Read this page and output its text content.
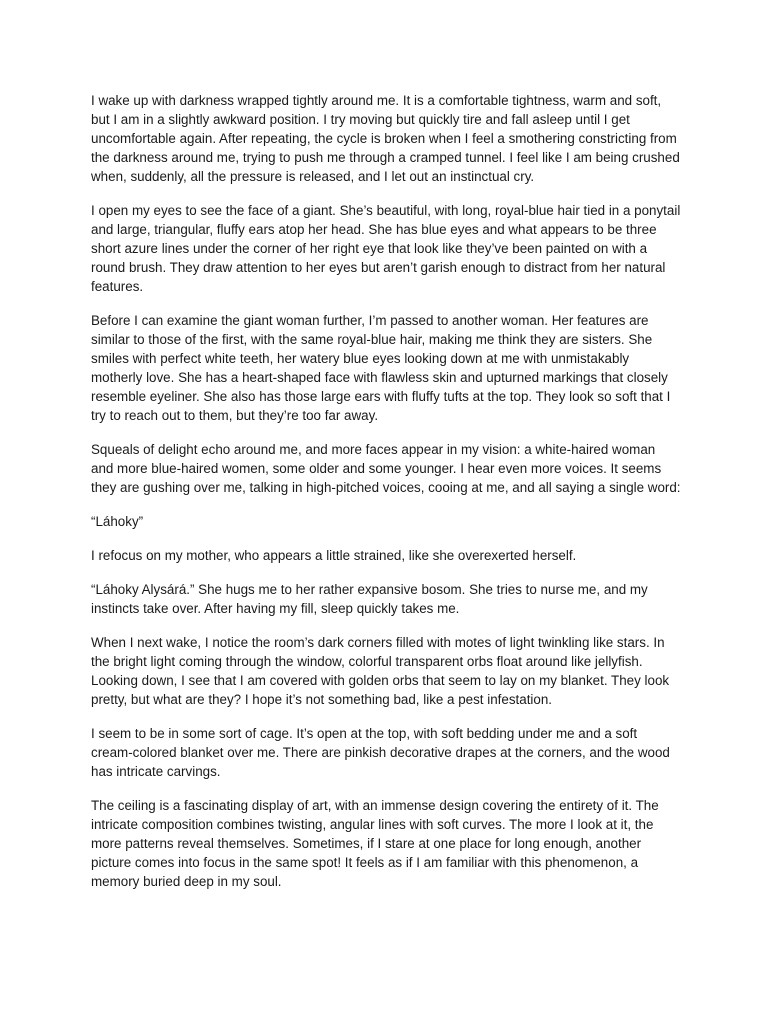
I wake up with darkness wrapped tightly around me. It is a comfortable tightness, warm and soft, but I am in a slightly awkward position. I try moving but quickly tire and fall asleep until I get uncomfortable again. After repeating, the cycle is broken when I feel a smothering constricting from the darkness around me, trying to push me through a cramped tunnel. I feel like I am being crushed when, suddenly, all the pressure is released, and I let out an instinctual cry.

I open my eyes to see the face of a giant. She’s beautiful, with long, royal-blue hair tied in a ponytail and large, triangular, fluffy ears atop her head. She has blue eyes and what appears to be three short azure lines under the corner of her right eye that look like they’ve been painted on with a round brush. They draw attention to her eyes but aren’t garish enough to distract from her natural features.

Before I can examine the giant woman further, I’m passed to another woman. Her features are similar to those of the first, with the same royal-blue hair, making me think they are sisters. She smiles with perfect white teeth, her watery blue eyes looking down at me with unmistakably motherly love. She has a heart-shaped face with flawless skin and upturned markings that closely resemble eyeliner. She also has those large ears with fluffy tufts at the top. They look so soft that I try to reach out to them, but they’re too far away.

Squeals of delight echo around me, and more faces appear in my vision: a white-haired woman and more blue-haired women, some older and some younger. I hear even more voices. It seems they are gushing over me, talking in high-pitched voices, cooing at me, and all saying a single word:

“Láhoky”

I refocus on my mother, who appears a little strained, like she overexerted herself.

“Láhoky Alysárá.” She hugs me to her rather expansive bosom. She tries to nurse me, and my instincts take over. After having my fill, sleep quickly takes me.

When I next wake, I notice the room’s dark corners filled with motes of light twinkling like stars. In the bright light coming through the window, colorful transparent orbs float around like jellyfish. Looking down, I see that I am covered with golden orbs that seem to lay on my blanket. They look pretty, but what are they? I hope it’s not something bad, like a pest infestation.

I seem to be in some sort of cage. It’s open at the top, with soft bedding under me and a soft cream-colored blanket over me. There are pinkish decorative drapes at the corners, and the wood has intricate carvings.

The ceiling is a fascinating display of art, with an immense design covering the entirety of it. The intricate composition combines twisting, angular lines with soft curves. The more I look at it, the more patterns reveal themselves. Sometimes, if I stare at one place for long enough, another picture comes into focus in the same spot! It feels as if I am familiar with this phenomenon, a memory buried deep in my soul.
